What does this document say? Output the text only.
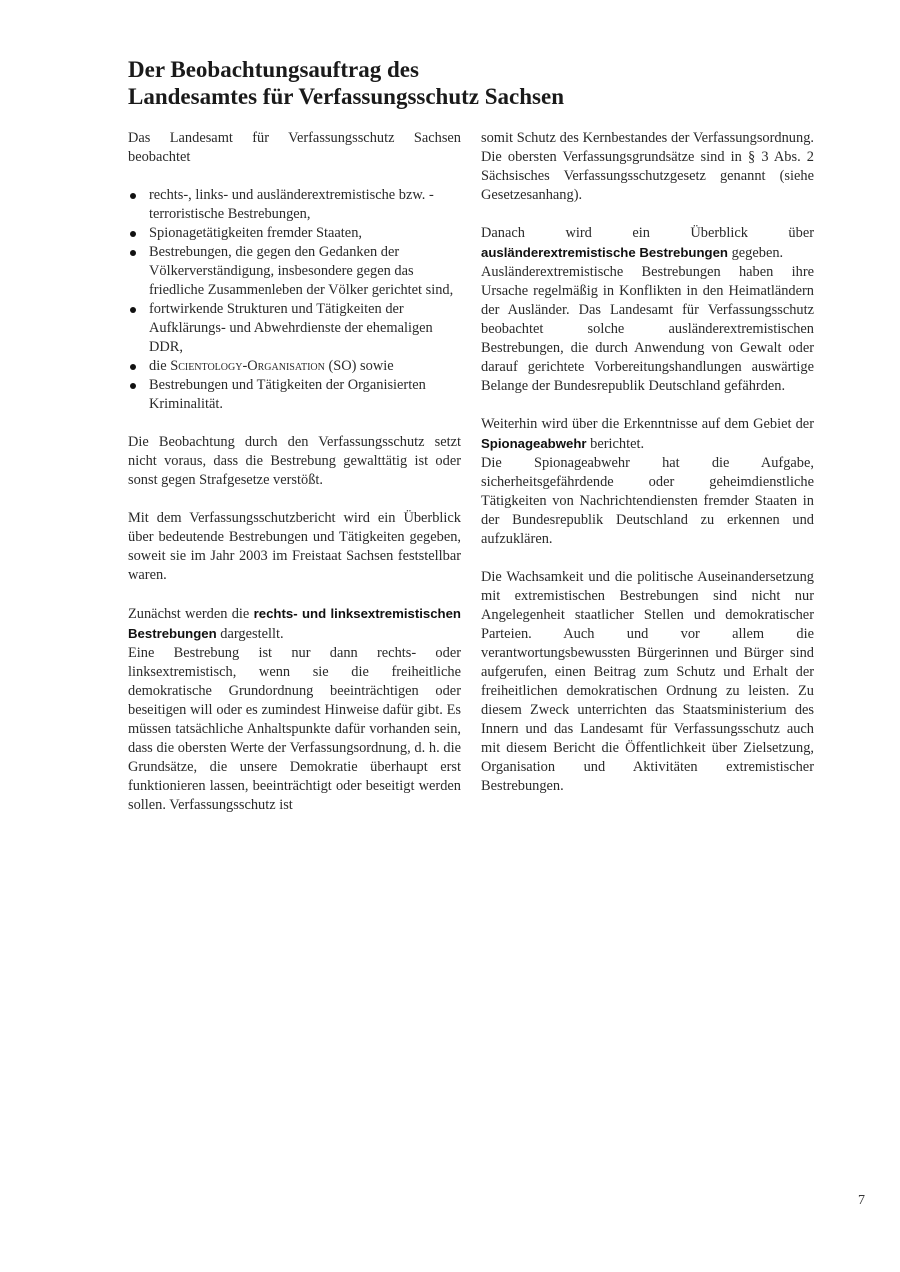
Der Beobachtungsauftrag des
Landesamtes für Verfassungsschutz Sachsen

Das Landesamt für Verfassungsschutz Sachsen beobachtet

rechts-, links- und ausländerextremistische bzw. -terroristische Bestrebungen,
Spionagetätigkeiten fremder Staaten,
Bestrebungen, die gegen den Gedanken der Völkerverständigung, insbesondere gegen das friedliche Zusammenleben der Völker gerichtet sind,
fortwirkende Strukturen und Tätigkeiten der Aufklärungs- und Abwehrdienste der ehemaligen DDR,
die Scientology-Organisation (SO) sowie
Bestrebungen und Tätigkeiten der Organisierten Kriminalität.

Die Beobachtung durch den Verfassungsschutz setzt nicht voraus, dass die Bestrebung gewalttätig ist oder sonst gegen Strafgesetze verstößt.

Mit dem Verfassungsschutzbericht wird ein Überblick über bedeutende Bestrebungen und Tätigkeiten gegeben, soweit sie im Jahr 2003 im Freistaat Sachsen feststellbar waren.

Zunächst werden die rechts- und linksextremistischen Bestrebungen dargestellt.

Eine Bestrebung ist nur dann rechts- oder linksextremistisch, wenn sie die freiheitliche demokratische Grundordnung beeinträchtigen oder beseitigen will oder es zumindest Hinweise dafür gibt. Es müssen tatsächliche Anhaltspunkte dafür vorhanden sein, dass die obersten Werte der Verfassungsordnung, d. h. die Grundsätze, die unsere Demokratie überhaupt erst funktionieren lassen, beeinträchtigt oder beseitigt werden sollen. Verfassungsschutz ist

somit Schutz des Kernbestandes der Verfassungsordnung. Die obersten Verfassungsgrundsätze sind in § 3 Abs. 2 Sächsisches Verfassungsschutzgesetz genannt (siehe Gesetzesanhang).

Danach wird ein Überblick über ausländerextremistische Bestrebungen gegeben.

Ausländerextremistische Bestrebungen haben ihre Ursache regelmäßig in Konflikten in den Heimatländern der Ausländer. Das Landesamt für Verfassungsschutz beobachtet solche ausländerextremistischen Bestrebungen, die durch Anwendung von Gewalt oder darauf gerichtete Vorbereitungshandlungen auswärtige Belange der Bundesrepublik Deutschland gefährden.

Weiterhin wird über die Erkenntnisse auf dem Gebiet der Spionageabwehr berichtet.

Die Spionageabwehr hat die Aufgabe, sicherheitsgefährdende oder geheimdienstliche Tätigkeiten von Nachrichtendiensten fremder Staaten in der Bundesrepublik Deutschland zu erkennen und aufzuklären.

Die Wachsamkeit und die politische Auseinandersetzung mit extremistischen Bestrebungen sind nicht nur Angelegenheit staatlicher Stellen und demokratischer Parteien. Auch und vor allem die verantwortungsbewussten Bürgerinnen und Bürger sind aufgerufen, einen Beitrag zum Schutz und Erhalt der freiheitlichen demokratischen Ordnung zu leisten. Zu diesem Zweck unterrichten das Staatsministerium des Innern und das Landesamt für Verfassungsschutz auch mit diesem Bericht die Öffentlichkeit über Zielsetzung, Organisation und Aktivitäten extremistischer Bestrebungen.

7
